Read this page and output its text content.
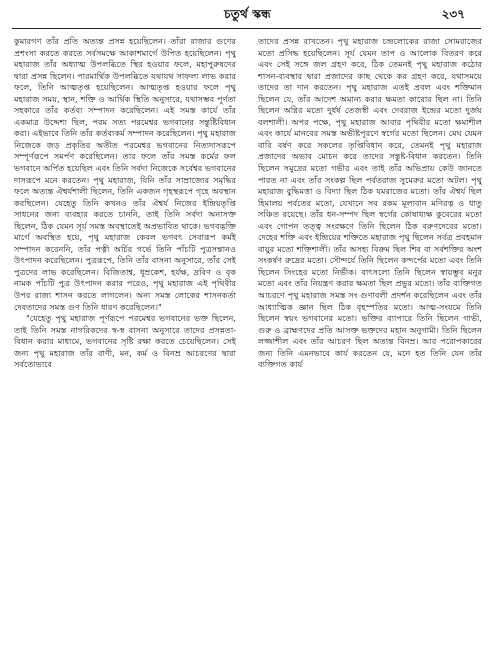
চতুর্থ স্কন্ধ	২৩৭

কুমারগণ তাঁর প্রতি অত্যন্ত প্রসন্ন হয়েছিলেন। তাঁরা রাজার গুণের প্রশংসা করতে করতে সর্বসমক্ষে আকাশমার্গে উপিত হয়েছিলেন। পৃথু মহারাজ তাঁর অধ্যাত্ম উপলব্ধিতে স্থির হওয়ার ফলে, মহাপুরুষদের দ্বারা প্রসন্ন ছিলেন। পারমার্থিক উপলব্ধিতে যথাযথ সাফল্য লাভ করার ফলে, তিনি আত্মতৃপ্ত হয়েছিলেন। আত্মতৃপ্ত হওয়ার ফলে পৃথু মহারাজ সময়, স্থান, শক্তি ও আর্থিক স্থিতি অনুসারে, যথাসম্ভব পূর্ণতা সহকারে তাঁর কর্তব্য সম্পাদন করেছিলেন। এই সমস্ত কার্যে তাঁর একমাত্র উদ্দেশ্য ছিল, পরম সত্য পরমেশ্বর ভগবানের সন্তুষ্টিবিধান করা। এইভাবে তিনি তাঁর কর্তব্যকর্ম সম্পাদন করেছিলেন। পৃথু মহারাজ নিজেকে জড় প্রকৃতির অতীত পরমেশ্বর ভগবানের নিত্যদাসরূপে সম্পূর্ণরূপে সমর্পণ করেছিলেন। তার ফলে তাঁর সমস্ত কর্মের ফল ভগবানে অর্পিত হয়েছিল এবং তিনি সর্বদা নিজেকে সর্বেশ্বর ভগবানের দাসরূপে মনে করতেন। পৃথু মহারাজ, যিনি তাঁর সাম্রাজ্যের সমৃদ্ধির ফলে অত্যন্ত ঐশ্বর্যশালী ছিলেন, তিনি একজন গৃহস্থরূপে গৃহে অবস্থান করছিলেন। যেহেতু তিনি কখনও তাঁর ঐশ্বর্য নিজের ইন্দ্রিয়তৃপ্তি সাধনের জন্য ব্যবহার করতে চাননি, তাই তিনি সর্বদা অনাসক্ত ছিলেন, ঠিক যেমন সূর্য সমস্ত অবস্থাতেই অপ্রভাবিত থাকে। ভগবদ্ভক্তি মার্গে অবস্থিত হয়ে, পৃথু মহারাজ কেবল ভগবৎ সেবারূপ কর্মই সম্পাদন করেননি, তাঁর পত্নী অর্চির গর্ভে তিনি পাঁচটি পুত্রসন্তানও উৎপাদন করেছিলেন। পুত্ররূপে, তিনি তাঁর বাসনা অনুসারে, তাঁর সেই পুত্রদের লাভ করেছিলেন। বিজিতাশ্ব, ধূম্রকেশ, হর্যক্ষ, দ্রবিণ ও বৃক নামক পাঁচটি পুত্র উৎপাদন করার পরেও, পৃথু মহারাজ এই পৃথিবীর উপর রাজ্য শাসন করতে লাগলেন। অন্য সমস্ত লোকের শাসনকর্তা দেবতাদের সমস্ত গুণ তিনি ধারণ করেছিলেন।"

"যেহেতু পৃথু মহারাজ পূর্ণরূপে পরমেশ্বর ভগবানের ভক্ত ছিলেন, তাই তিনি সমস্ত নাগরিকদের স্ব-স্ব বাসনা অনুসারে তাদের প্রসন্নতা-বিধান করার মাধ্যমে, ভগবানের সৃষ্টি রক্ষা করতে চেয়েছিলেন। সেই জন্য পৃথু মহারাজ তাঁর বাণী, মন, কর্ম ও বিনম্র আচরণের দ্বারা সর্বতোভাবে

তাদের প্রসন্ন রাখতেন। পৃথু মহারাজ চন্দ্রলোকের রাজা সোমরাজের মতো প্রসিদ্ধ হয়েছিলেন। সূর্য যেমন তাপ ও আলোক বিতরণ করে এবং সেই সঙ্গে জল গ্রহণ করে, ঠিক তেমনই পৃথু মহারাজ কঠোর শাসন-ব্যবস্থার দ্বারা প্রজাদের কাছ থেকে কর গ্রহণ করে, যথাসময়ে তাদের তা দান করতেন। পৃথু মহারাজ এতই প্রবল এবং শক্তিমান ছিলেন যে, তাঁর আদেশ অমান্য করার ক্ষমতা কারোর ছিল না। তিনি ছিলেন অগ্নির মতো দুর্ধর্ষ তেজস্বী এবং দেবরাজ ইন্দ্রের মতো দুর্জয় বলশালী। অপর পক্ষে, পৃথু মহারাজ আবার পৃথিবীর মতো ক্ষমাশীল এবং কার্যে মানবের সমস্ত অভীষ্টপূরণে স্বর্গের মতো ছিলেন। মেঘ যেমন বারি বর্ষণ করে সকলের তৃপ্তিবিধান করে, তেমনই পৃথু মহারাজ প্রজাদের অভাব মোচন করে তাদের সন্তুষ্ট-বিধান করতেন। তিনি ছিলেন সমুদ্রের মতো গভীর এবং তাই তাঁর অভিপ্রায় কেউ জানতে পারত না এবং তাঁর সংকল্প ছিল পর্বতরাজ সুমেরুর মতো অটল। পৃথু মহারাজ বুদ্ধিমত্তা ও বিদ্যা ছিল ঠিক যমরাজের মতো। তাঁর ঐশ্বর্য ছিল হিমালয় পর্বতের মতো, যেখানে সব রকম মূল্যবান মণিরত্ন ও ধাতু সঞ্চিত রয়েছে। তাঁর ধন-সম্পদ ছিল স্বর্গের কোষাধ্যক্ষ কুবেরের মতো এবং গোপন তত্ত্ব সংরক্ষণে তিনি ছিলেন ঠিক বরুণদেবের মতো। দেহের শক্তি এবং ইন্দ্রিয়ের শক্তিতে মহারাজ পৃথু ছিলেন সর্বত্র প্রবহমান বায়ুর মতো শক্তিশালী। তাঁর অসহ্য বিক্রম ছিল শিব বা সর্বশক্তির অংশ সংকর্ষণ রুদ্রের মতো। সৌন্দর্যে তিনি ছিলেন কন্দর্পের মতো এবং তিনি ছিলেন সিংহের মতো নির্ভীক। বাৎসল্যে তিনি ছিলেন স্বায়ম্ভুব মনুর মতো এবং তাঁর নিয়ন্ত্রণ করার ক্ষমতা ছিল প্রভুর মতো। তাঁর ব্যক্তিগত আচরণে পৃথু মহারাজ সমস্ত সং গুণাবলী প্রদর্শন করেছিলেন এবং তাঁর আধ্যাত্মিক জ্ঞান ছিল ঠিক বৃহস্পতির মতো। আত্ম-সংযমে তিনি ছিলেন স্বয়ং ভগবানের মতো। ভক্তির ব্যাপারে তিনি ছিলেন গাভী, গুরু ও ব্রাহ্মণদের প্রতি আসক্ত ভক্তদের মহান অনুগামী। তিনি ছিলেন লজ্জাশীল এবং তাঁর আচরণ ছিল অত্যন্ত বিনম্র। আর পরোপকারের জন্য তিনি এমনভাবে কার্য করতেন যে, মনে হত তিনি যেন তাঁর ব্যক্তিগত কার্য
